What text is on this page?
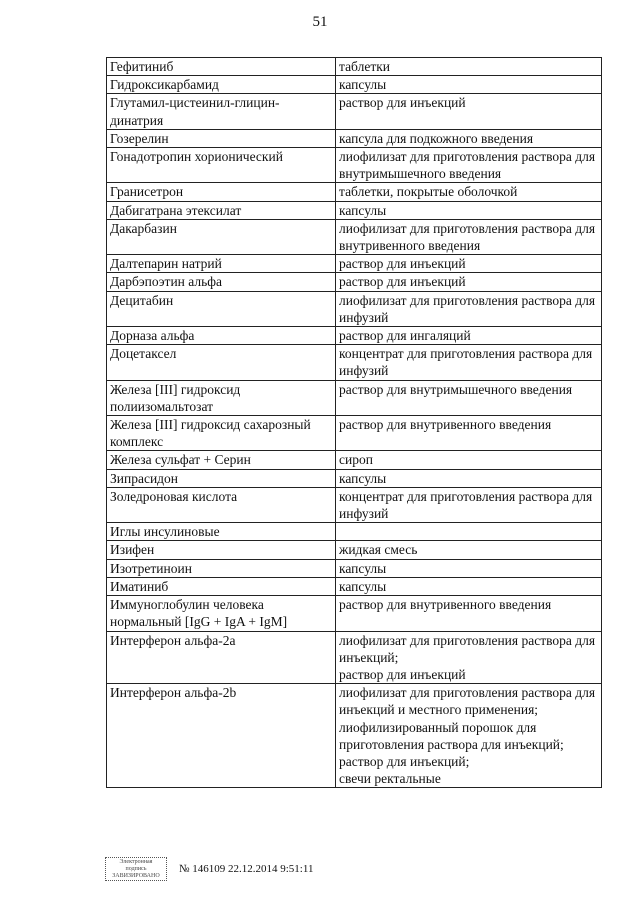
51
Гефитиниб	таблетки

Гидроксикарбамид	капсулы

Глутамил-цистеинил-глицин-динатрия	раствор для инъекций

Гозерелин	капсула для подкожного введения

Гонадотропин хорионический	лиофилизат для приготовления раствора для внутримышечного введения

Гранисетрон	таблетки, покрытые оболочкой

Дабигатрана этексилат	капсулы

Дакарбазин	лиофилизат для приготовления раствора для внутривенного введения

Далтепарин натрий	раствор для инъекций

Дарбэпоэтин альфа	раствор для инъекций

Децитабин	лиофилизат для приготовления раствора для инфузий

Дорназа альфа	раствор для ингаляций

Доцетаксел	концентрат для приготовления раствора для инфузий

Железа [III] гидроксид полиизомальтозат	раствор для внутримышечного введения

Железа [III] гидроксид сахарозный комплекс	раствор для внутривенного введения

Железа сульфат + Серин	сироп

Зипрасидон	капсулы

Золедроновая кислота	концентрат для приготовления раствора для инфузий

Иглы инсулиновые	
Изифен	жидкая смесь

Изотретиноин	капсулы

Иматиниб	капсулы

Иммуноглобулин человека нормальный [IgG + IgA + IgM]	раствор для внутривенного введения

Интерферон альфа-2а	лиофилизат для приготовления раствора для инъекций;
раствор для инъекций

Интерферон альфа-2b	лиофилизат для приготовления раствора для инъекций и местного применения;
лиофилизированный порошок для приготовления раствора для инъекций;
раствор для инъекций;
свечи ректальные
Электронная
подпись
ЗАВИЗИРОВАНО
№ 146109 22.12.2014 9:51:11
